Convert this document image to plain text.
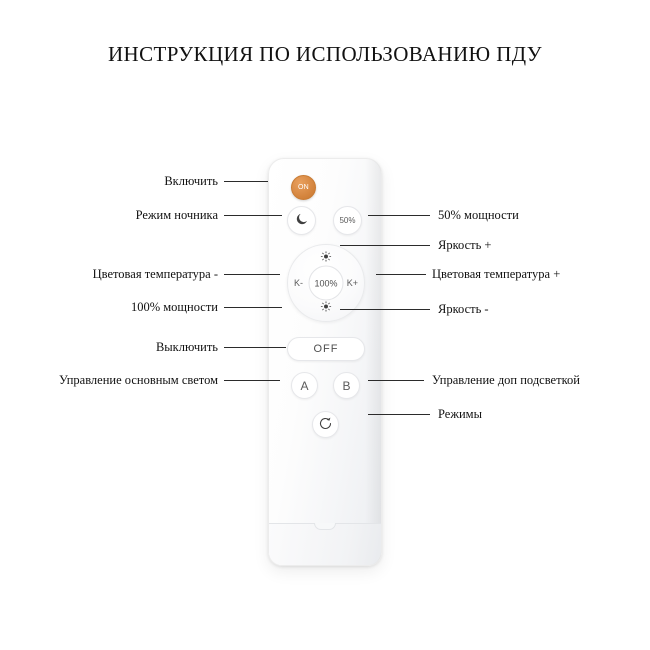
ИНСТРУКЦИЯ ПО ИСПОЛЬЗОВАНИЮ ПДУ
ON
50%
K-	K+
100%
OFF
A	B
Включить
Режим ночника
Цветовая температура -
100% мощности
Выключить
Управление основным светом
50% мощности
Яркость +
Цветовая температура +
Яркость -
Управление доп подсветкой
Режимы
